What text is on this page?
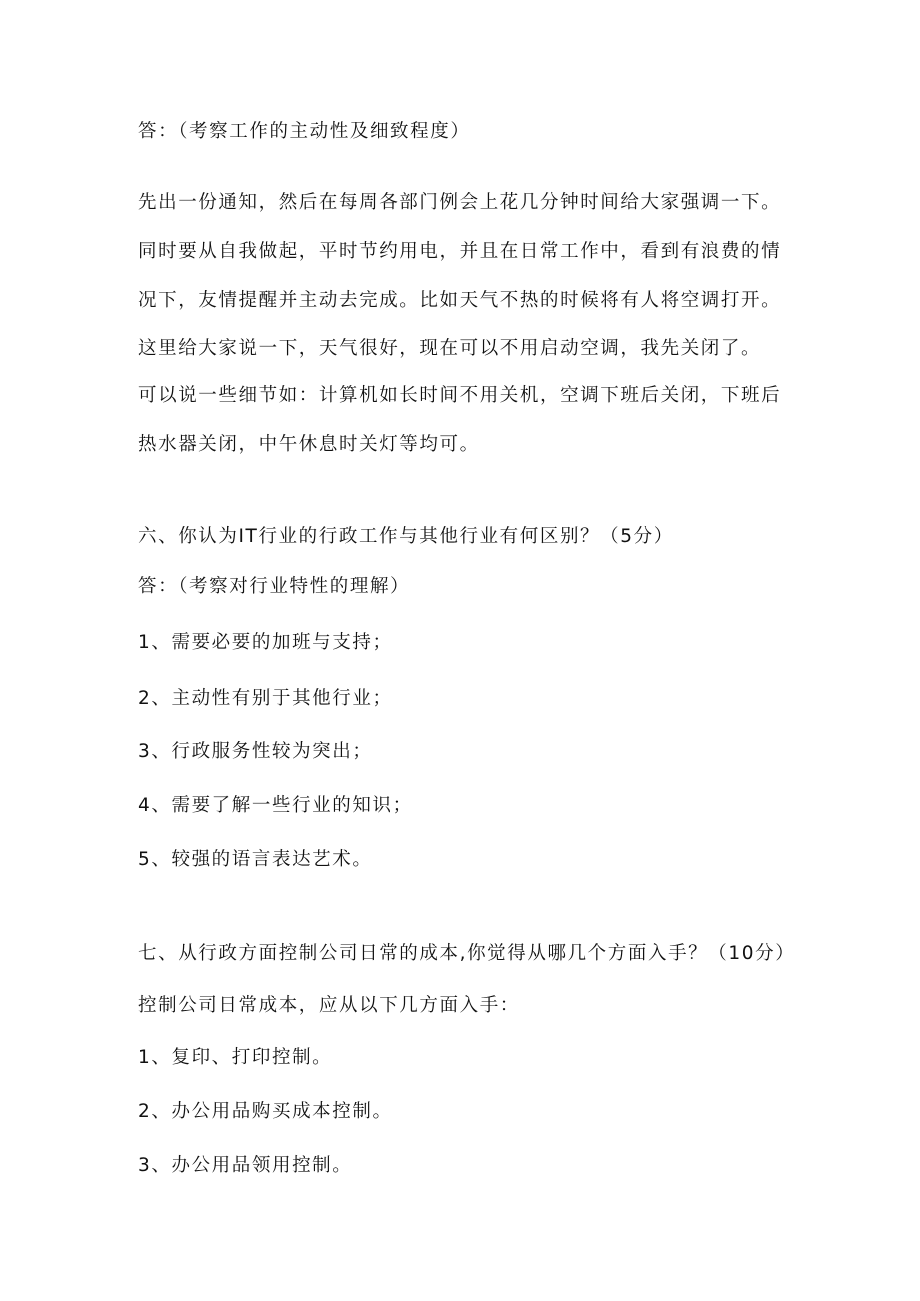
答：（考察工作的主动性及细致程度）

先出一份通知，然后在每周各部门例会上花几分钟时间给大家强调一下。

同时要从自我做起，平时节约用电，并且在日常工作中，看到有浪费的情

况下，友情提醒并主动去完成。比如天气不热的时候将有人将空调打开。

这里给大家说一下，天气很好，现在可以不用启动空调，我先关闭了。

可以说一些细节如：计算机如长时间不用关机，空调下班后关闭，下班后

热水器关闭，中午休息时关灯等均可。

六、你认为IT行业的行政工作与其他行业有何区别？（5分）

答：（考察对行业特性的理解）

1、需要必要的加班与支持；

2、主动性有别于其他行业；

3、行政服务性较为突出；

4、需要了解一些行业的知识；

5、较强的语言表达艺术。

七、从行政方面控制公司日常的成本,你觉得从哪几个方面入手？（10分）

控制公司日常成本，应从以下几方面入手：

1、复印、打印控制。

2、办公用品购买成本控制。

3、办公用品领用控制。
